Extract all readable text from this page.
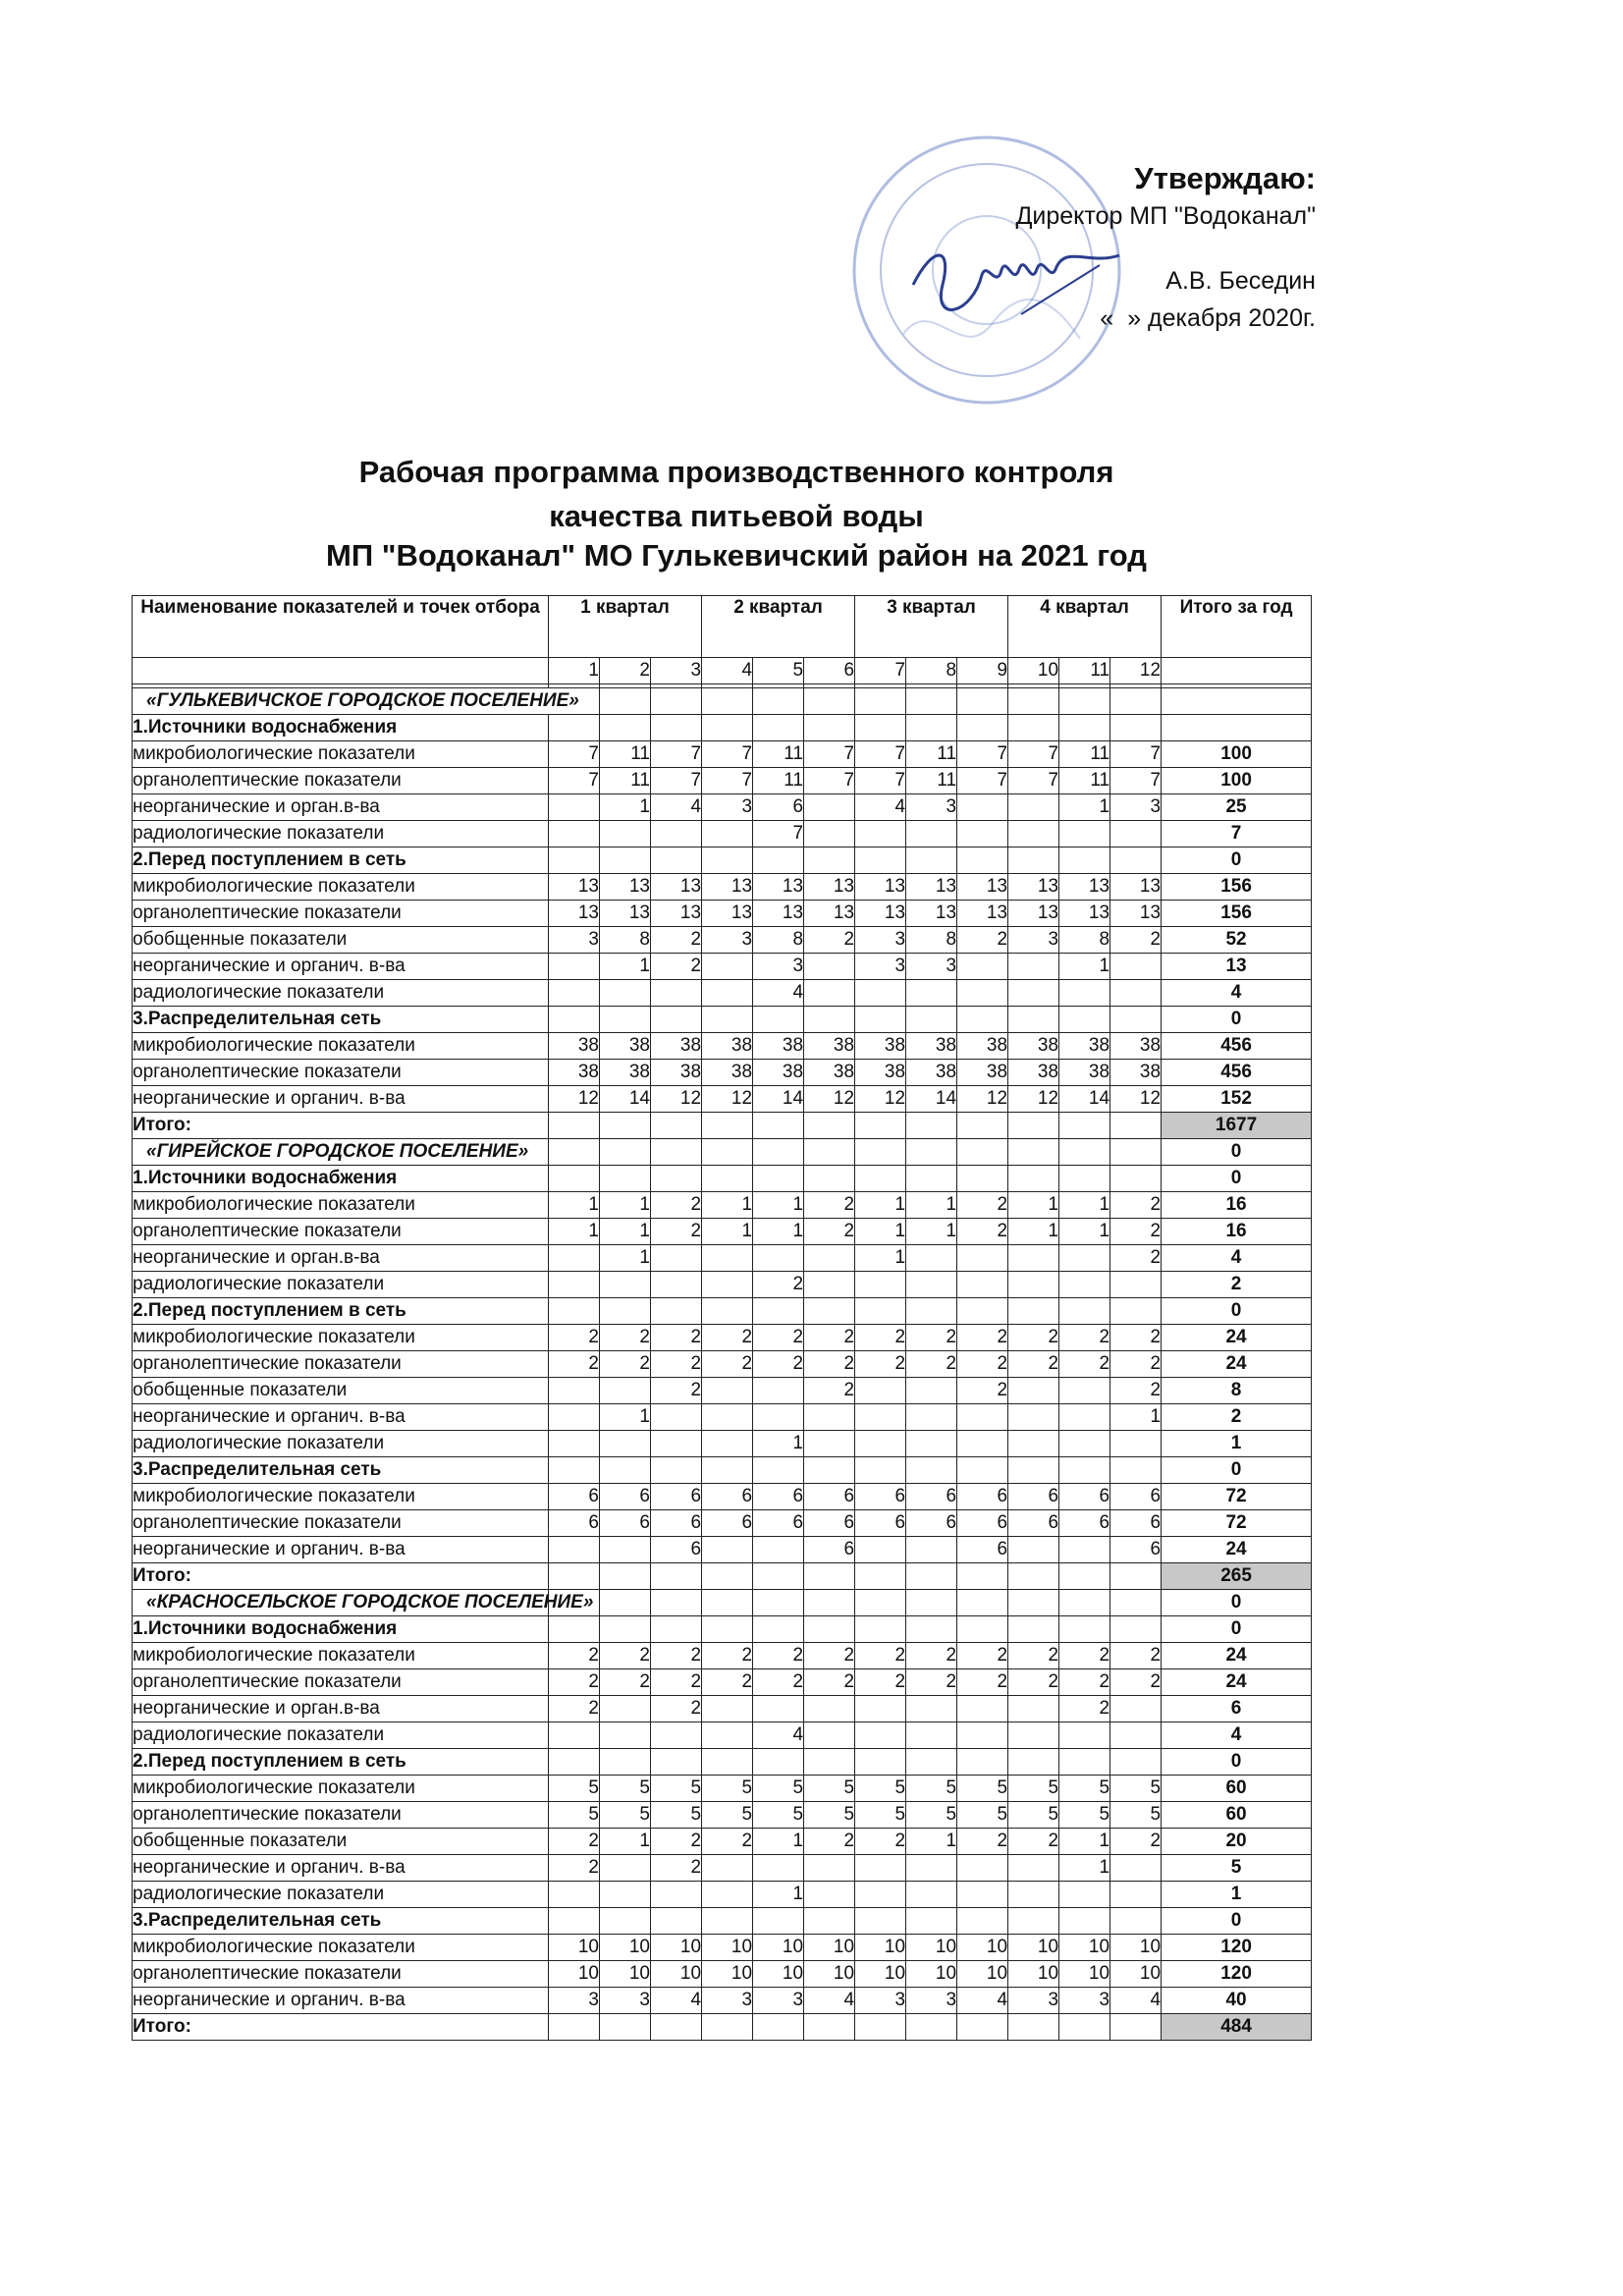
Утверждаю:
Директор МП "Водоканал"
А.В. Беседин
« » декабря 2020г.
Рабочая программа производственного контроля
качества питьевой воды
МП "Водоканал" МО Гулькевичский район на 2021 год
Наименование показателей и точек отбора	1 квартал			2 квартал			3 квартал			4 квартал			Итого за год
	1	2	3	4	5	6	7	8	9	10	11	12	

«ГУЛЬКЕВИЧСКОЕ ГОРОДСКОЕ ПОСЕЛЕНИЕ»													
1.Источники водоснабжения													
микробиологические показатели	7	11	7	7	11	7	7	11	7	7	11	7	100
органолептические показатели	7	11	7	7	11	7	7	11	7	7	11	7	100
неорганические и орган.в-ва		1	4	3	6		4	3			1	3	25
радиологические показатели					7								7
2.Перед поступлением в сеть													0
микробиологические показатели	13	13	13	13	13	13	13	13	13	13	13	13	156
органолептические показатели	13	13	13	13	13	13	13	13	13	13	13	13	156
обобщенные показатели	3	8	2	3	8	2	3	8	2	3	8	2	52
неорганические и органич. в-ва		1	2		3		3	3			1		13
радиологические показатели					4								4
3.Распределительная сеть													0
микробиологические показатели	38	38	38	38	38	38	38	38	38	38	38	38	456
органолептические показатели	38	38	38	38	38	38	38	38	38	38	38	38	456
неорганические и органич. в-ва	12	14	12	12	14	12	12	14	12	12	14	12	152
Итого:													1677
«ГИРЕЙСКОЕ ГОРОДСКОЕ ПОСЕЛЕНИЕ»													0
1.Источники водоснабжения													0
микробиологические показатели	1	1	2	1	1	2	1	1	2	1	1	2	16
органолептические показатели	1	1	2	1	1	2	1	1	2	1	1	2	16
неорганические и орган.в-ва		1					1					2	4
радиологические показатели					2								2
2.Перед поступлением в сеть													0
микробиологические показатели	2	2	2	2	2	2	2	2	2	2	2	2	24
органолептические показатели	2	2	2	2	2	2	2	2	2	2	2	2	24
обобщенные показатели			2			2			2			2	8
неорганические и органич. в-ва		1										1	2
радиологические показатели					1								1
3.Распределительная сеть													0
микробиологические показатели	6	6	6	6	6	6	6	6	6	6	6	6	72
органолептические показатели	6	6	6	6	6	6	6	6	6	6	6	6	72
неорганические и органич. в-ва			6			6			6			6	24
Итого:													265
«КРАСНОСЕЛЬСКОЕ ГОРОДСКОЕ ПОСЕЛЕНИЕ»													0
1.Источники водоснабжения													0
микробиологические показатели	2	2	2	2	2	2	2	2	2	2	2	2	24
органолептические показатели	2	2	2	2	2	2	2	2	2	2	2	2	24
неорганические и орган.в-ва	2		2								2		6
радиологические показатели					4								4
2.Перед поступлением в сеть													0
микробиологические показатели	5	5	5	5	5	5	5	5	5	5	5	5	60
органолептические показатели	5	5	5	5	5	5	5	5	5	5	5	5	60
обобщенные показатели	2	1	2	2	1	2	2	1	2	2	1	2	20
неорганические и органич. в-ва	2		2								1		5
радиологические показатели					1								1
3.Распределительная сеть													0
микробиологические показатели	10	10	10	10	10	10	10	10	10	10	10	10	120
органолептические показатели	10	10	10	10	10	10	10	10	10	10	10	10	120
неорганические и органич. в-ва	3	3	4	3	3	4	3	3	4	3	3	4	40
Итого:													484
